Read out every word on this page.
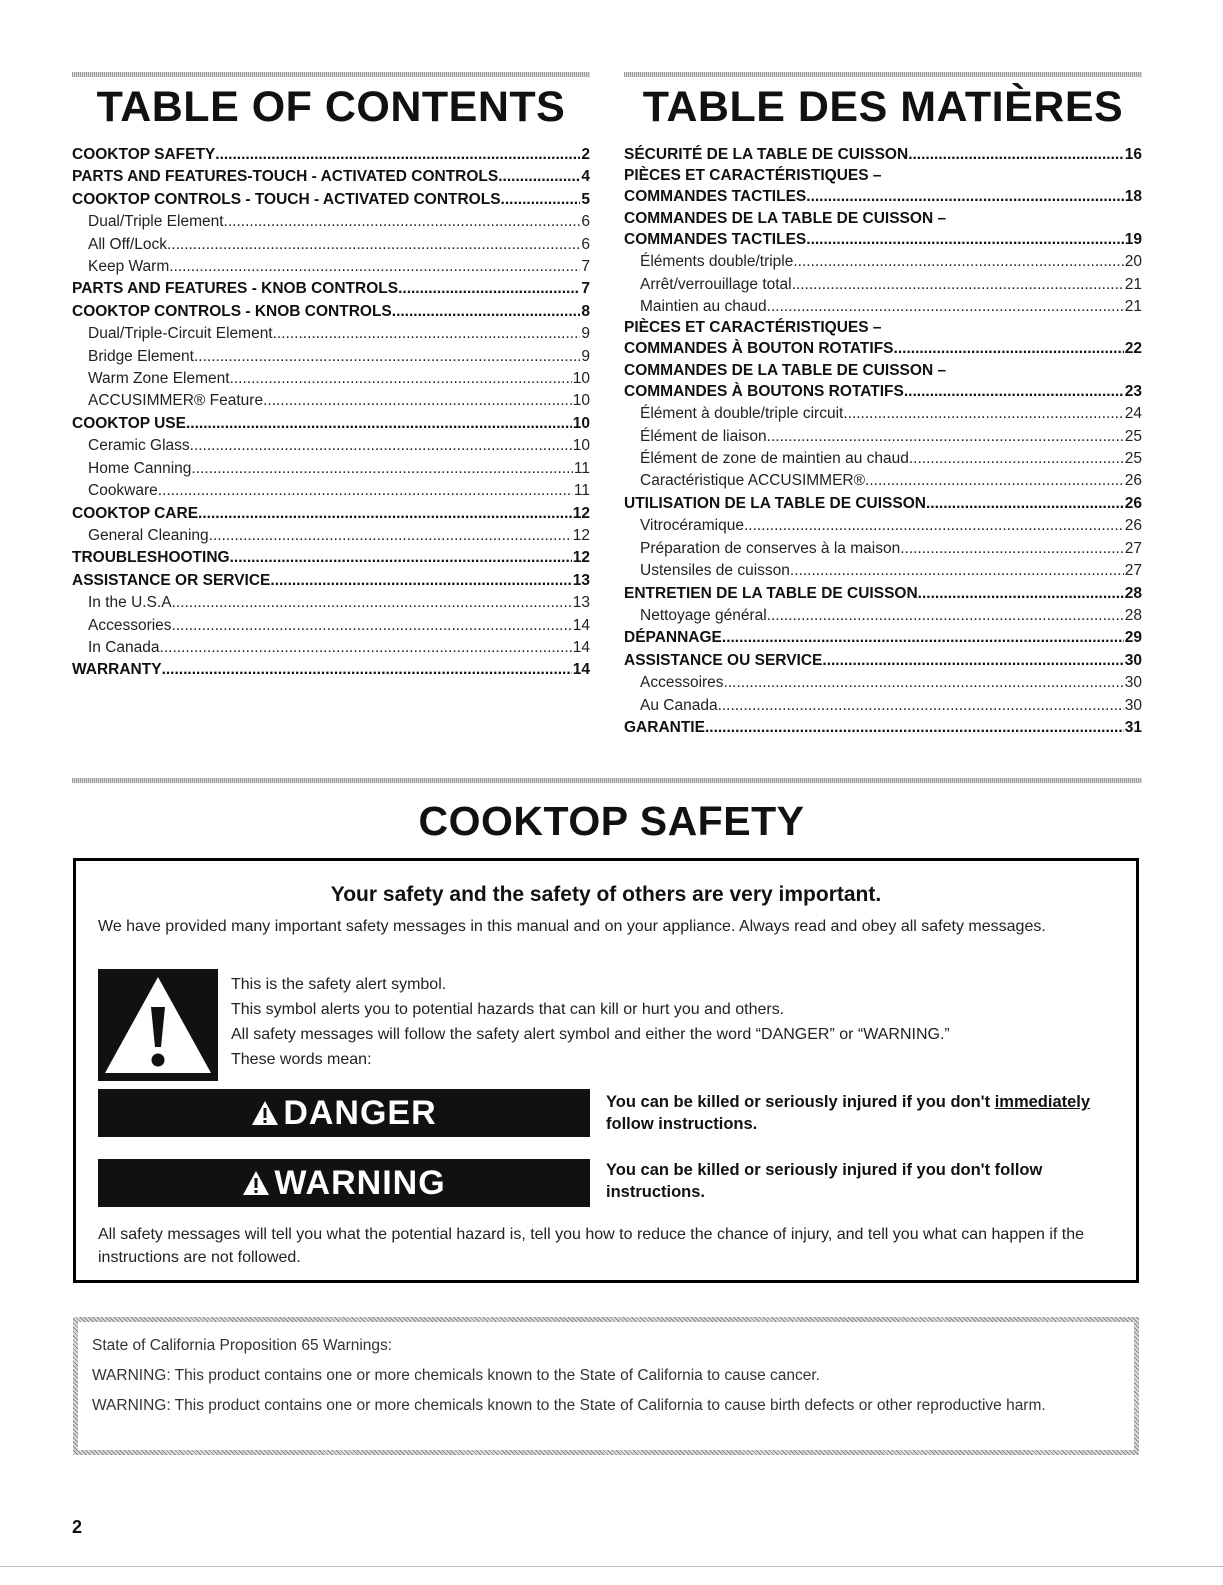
TABLE OF CONTENTS
COOKTOP SAFETY .....	2
PARTS AND FEATURES-TOUCH - ACTIVATED CONTROLS .....	4
COOKTOP CONTROLS - TOUCH - ACTIVATED CONTROLS .....	5
Dual/Triple Element .....	6
All Off/Lock .....	6
Keep Warm .....	7
PARTS AND FEATURES - KNOB CONTROLS .....	7
COOKTOP CONTROLS - KNOB CONTROLS .....	8
Dual/Triple-Circuit Element .....	9
Bridge Element .....	9
Warm Zone Element .....	10
ACCUSIMMER® Feature .....	10
COOKTOP USE .....	10
Ceramic Glass .....	10
Home Canning .....	11
Cookware .....	11
COOKTOP CARE .....	12
General Cleaning .....	12
TROUBLESHOOTING .....	12
ASSISTANCE OR SERVICE .....	13
In the U.S.A. .....	13
Accessories .....	14
In Canada .....	14
WARRANTY .....	14
TABLE DES MATIÈRES
SÉCURITÉ DE LA TABLE DE CUISSON .....	16
PIÈCES ET CARACTÉRISTIQUES –
COMMANDES TACTILES .....	18
COMMANDES DE LA TABLE DE CUISSON –
COMMANDES TACTILES .....	19
Éléments double/triple .....	20
Arrêt/verrouillage total .....	21
Maintien au chaud .....	21
PIÈCES ET CARACTÉRISTIQUES –
COMMANDES À BOUTON ROTATIFS .....	22
COMMANDES DE LA TABLE DE CUISSON –
COMMANDES À BOUTONS ROTATIFS .....	23
Élément à double/triple circuit .....	24
Élément de liaison .....	25
Élément de zone de maintien au chaud .....	25
Caractéristique ACCUSIMMER® .....	26
UTILISATION DE LA TABLE DE CUISSON .....	26
Vitrocéramique .....	26
Préparation de conserves à la maison .....	27
Ustensiles de cuisson .....	27
ENTRETIEN DE LA TABLE DE CUISSON .....	28
Nettoyage général .....	28
DÉPANNAGE .....	29
ASSISTANCE OU SERVICE .....	30
Accessoires .....	30
Au Canada .....	30
GARANTIE .....	31
COOKTOP SAFETY
Your safety and the safety of others are very important.
We have provided many important safety messages in this manual and on your appliance. Always read and obey all safety messages.
This is the safety alert symbol.
This symbol alerts you to potential hazards that can kill or hurt you and others.
All safety messages will follow the safety alert symbol and either the word “DANGER” or “WARNING.”
These words mean:
DANGER	You can be killed or seriously injured if you don't immediately follow instructions.
WARNING	You can be killed or seriously injured if you don't follow instructions.
All safety messages will tell you what the potential hazard is, tell you how to reduce the chance of injury, and tell you what can happen if the instructions are not followed.

State of California Proposition 65 Warnings:

WARNING: This product contains one or more chemicals known to the State of California to cause cancer.

WARNING: This product contains one or more chemicals known to the State of California to cause birth defects or other reproductive harm.

2
